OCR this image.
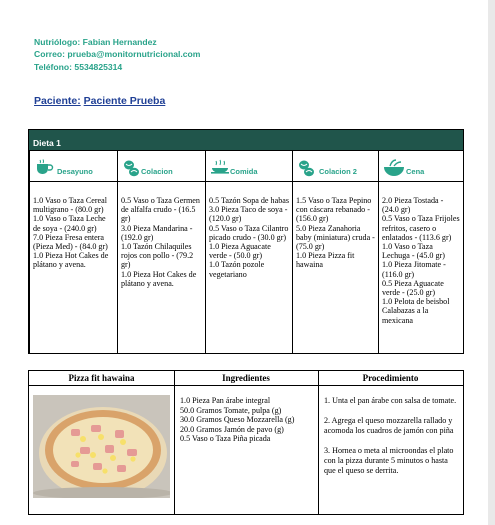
Nutriólogo: Fabian Hernandez
Correo: prueba@monitornutricional.com
Teléfono: 5534825314
Paciente: Paciente Prueba
Dieta 1
Desayuno
1.0 Vaso o Taza Cereal multigrano - (80.0 gr)
1.0 Vaso o Taza Leche de soya - (240.0 gr)
7.0 Pieza Fresa entera (Pieza Med) - (84.0 gr)
1.0 Pieza Hot Cakes de plátano y avena.
Colacion
0.5 Vaso o Taza Germen de alfalfa crudo - (16.5 gr)
3.0 Pieza Mandarina - (192.0 gr)
1.0 Tazón Chilaquiles rojos con pollo - (79.2 gr)
1.0 Pieza Hot Cakes de plátano y avena.
Comida
0.5 Tazón Sopa de habas
3.0 Pieza Taco de soya - (120.0 gr)
0.5 Vaso o Taza Cilantro picado crudo - (30.0 gr)
1.0 Pieza Aguacate verde - (50.0 gr)
1.0 Tazón pozole vegetariano
Colacion 2
1.5 Vaso o Taza Pepino con cáscara rebanado - (156.0 gr)
5.0 Pieza Zanahoria baby (miniatura) cruda - (75.0 gr)
1.0 Pieza Pizza fit hawaina
Cena
2.0 Pieza Tostada - (24.0 gr)
0.5 Vaso o Taza Frijoles refritos, casero o enlatados - (113.6 gr)
1.0 Vaso o Taza Lechuga - (45.0 gr)
1.0 Pieza Jitomate - (116.0 gr)
0.5 Pieza Aguacate verde - (25.0 gr)
1.0 Pelota de beisbol Calabazas a la mexicana
Pizza fit hawaina	Ingredientes	Procedimiento
1.0 Pieza Pan árabe integral
50.0 Gramos Tomate, pulpa (g)
30.0 Gramos Queso Mozzarella (g)
20.0 Gramos Jamón de pavo (g)
0.5 Vaso o Taza Piña picada

1. Unta el pan árabe con salsa de tomate.

2. Agrega el queso mozzarella rallado y acomoda los cuadros de jamón con piña

3. Hornea o meta al microondas el plato con la pizza durante 5 minutos o hasta que el queso se derrita.
